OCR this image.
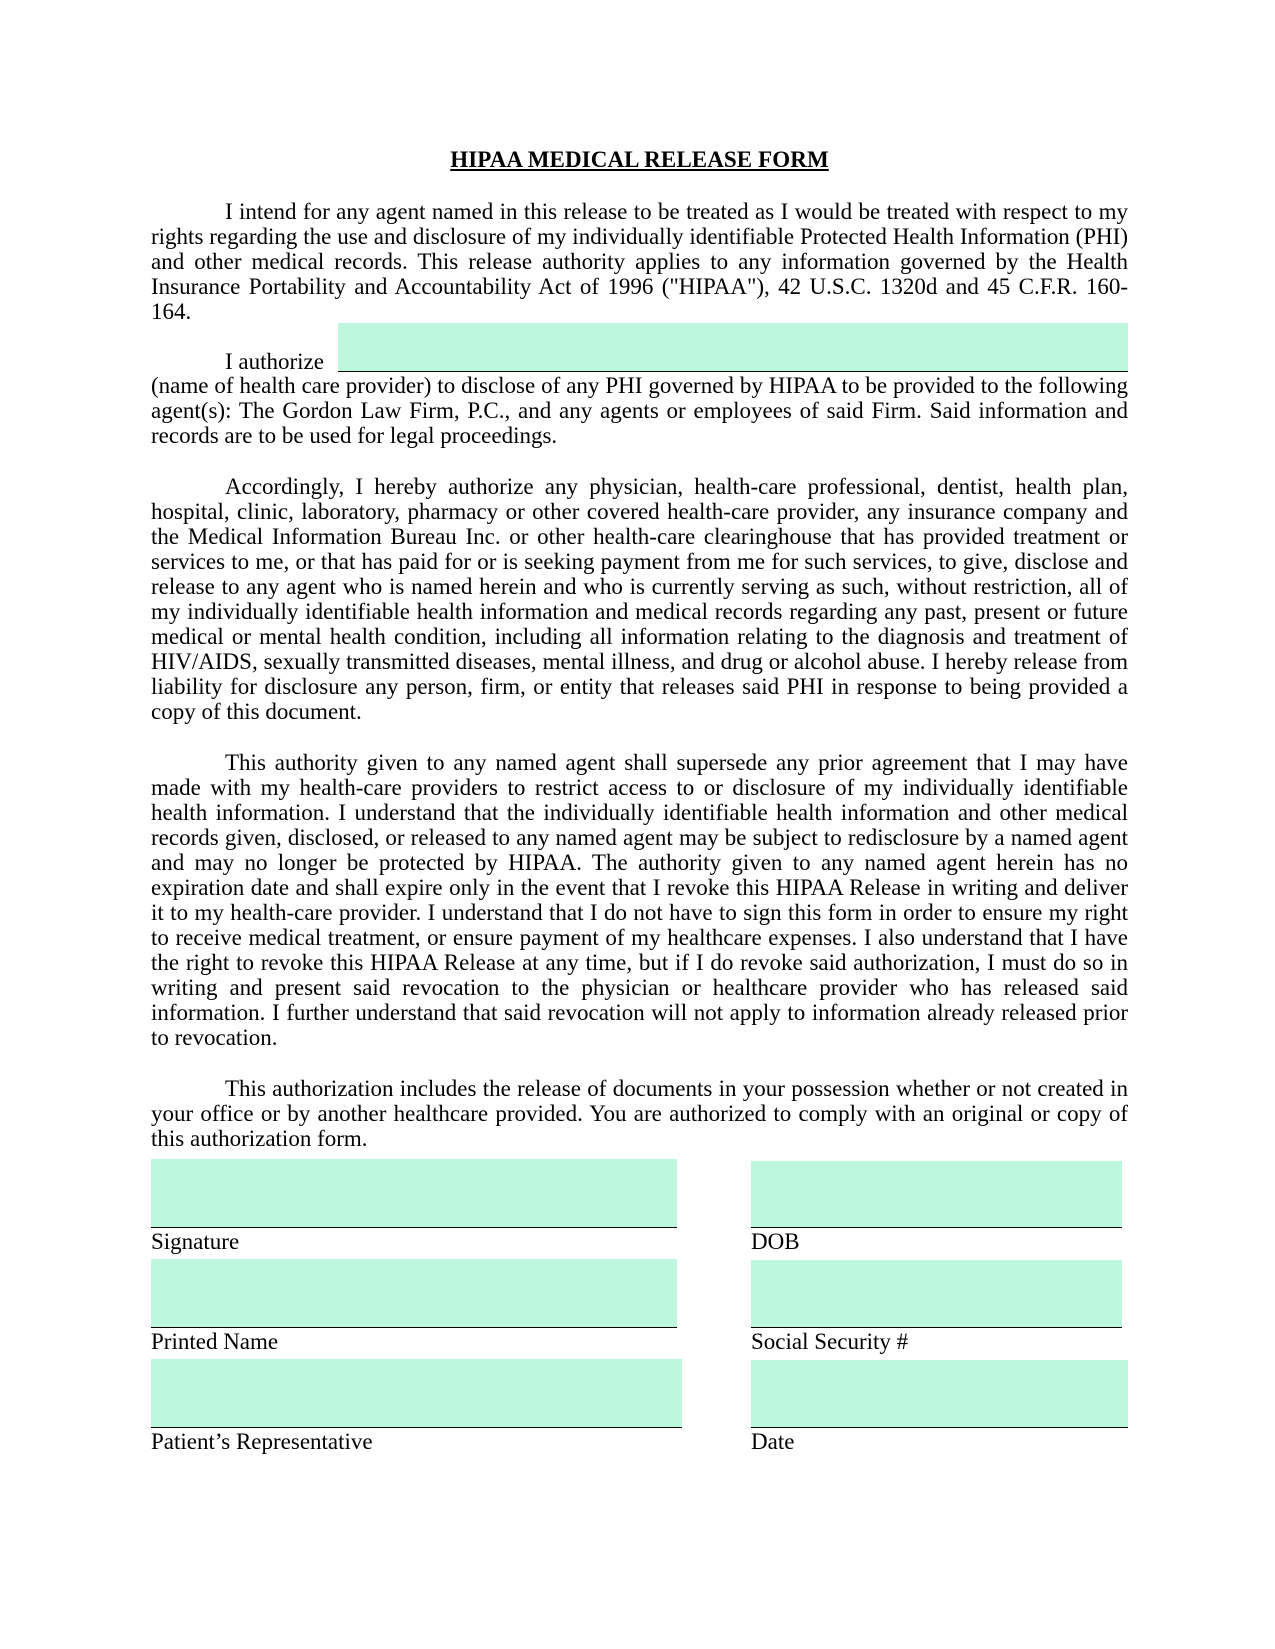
HIPAA MEDICAL RELEASE FORM

I intend for any agent named in this release to be treated as I would be treated with respect to my rights regarding the use and disclosure of my individually identifiable Protected Health Information (PHI) and other medical records. This release authority applies to any information governed by the Health Insurance Portability and Accountability Act of 1996 ("HIPAA"), 42 U.S.C. 1320d and 45 C.F.R. 160-164.

I authorize

(name of health care provider) to disclose of any PHI governed by HIPAA to be provided to the following agent(s): The Gordon Law Firm, P.C., and any agents or employees of said Firm. Said information and records are to be used for legal proceedings.

Accordingly, I hereby authorize any physician, health-care professional, dentist, health plan, hospital, clinic, laboratory, pharmacy or other covered health-care provider, any insurance company and the Medical Information Bureau Inc. or other health-care clearinghouse that has provided treatment or services to me, or that has paid for or is seeking payment from me for such services, to give, disclose and release to any agent who is named herein and who is currently serving as such, without restriction, all of my individually identifiable health information and medical records regarding any past, present or future medical or mental health condition, including all information relating to the diagnosis and treatment of HIV/AIDS, sexually transmitted diseases, mental illness, and drug or alcohol abuse. I hereby release from liability for disclosure any person, firm, or entity that releases said PHI in response to being provided a copy of this document.

This authority given to any named agent shall supersede any prior agreement that I may have made with my health-care providers to restrict access to or disclosure of my individually identifiable health information. I understand that the individually identifiable health information and other medical records given, disclosed, or released to any named agent may be subject to redisclosure by a named agent and may no longer be protected by HIPAA. The authority given to any named agent herein has no expiration date and shall expire only in the event that I revoke this HIPAA Release in writing and deliver it to my health-care provider. I understand that I do not have to sign this form in order to ensure my right to receive medical treatment, or ensure payment of my healthcare expenses. I also understand that I have the right to revoke this HIPAA Release at any time, but if I do revoke said authorization, I must do so in writing and present said revocation to the physician or healthcare provider who has released said information. I further understand that said revocation will not apply to information already released prior to revocation.

This authorization includes the release of documents in your possession whether or not created in your office or by another healthcare provided. You are authorized to comply with an original or copy of this authorization form.

Signature	DOB
Printed Name	Social Security #
Patient’s Representative	Date
